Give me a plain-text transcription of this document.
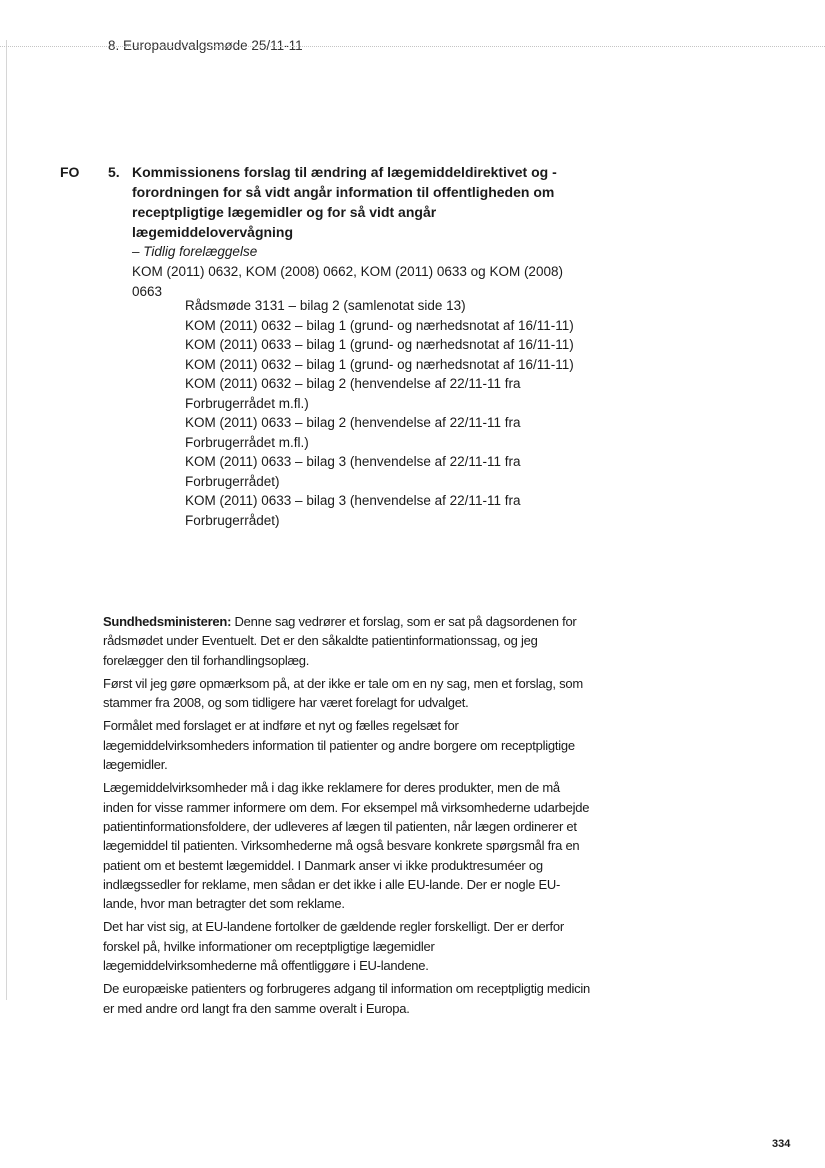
8. Europaudvalgsmøde 25/11-11
FO 5. Kommissionens forslag til ændring af lægemiddeldirektivet og - forordningen for så vidt angår information til offentligheden om receptpligtige lægemidler og for så vidt angår lægemiddelovervågning

– Tidlig forelæggelse

KOM (2011) 0632, KOM (2008) 0662, KOM (2011) 0633 og KOM (2008) 0663

Rådsmøde 3131 – bilag 2 (samlenotat side 13)
KOM (2011) 0632 – bilag 1 (grund- og nærhedsnotat af 16/11-11)
KOM (2011) 0633 – bilag 1 (grund- og nærhedsnotat af 16/11-11)
KOM (2011) 0632 – bilag 1 (grund- og nærhedsnotat af 16/11-11)
KOM (2011) 0632 – bilag 2 (henvendelse af 22/11-11 fra Forbrugerrådet m.fl.)
KOM (2011) 0633 – bilag 2 (henvendelse af 22/11-11 fra Forbrugerrådet m.fl.)
KOM (2011) 0633 – bilag 3 (henvendelse af 22/11-11 fra Forbrugerrådet)
KOM (2011) 0633 – bilag 3 (henvendelse af 22/11-11 fra Forbrugerrådet)

Sundhedsministeren: Denne sag vedrører et forslag, som er sat på dagsordenen for rådsmødet under Eventuelt. Det er den såkaldte patientinformationssag, og jeg forelægger den til forhandlingsoplæg.

Først vil jeg gøre opmærksom på, at der ikke er tale om en ny sag, men et forslag, som stammer fra 2008, og som tidligere har været forelagt for udvalget.

Formålet med forslaget er at indføre et nyt og fælles regelsæt for lægemiddelvirksomheders information til patienter og andre borgere om receptpligtige lægemidler.

Lægemiddelvirksomheder må i dag ikke reklamere for deres produkter, men de må inden for visse rammer informere om dem. For eksempel må virksomhederne udarbejde patientinformationsfoldere, der udleveres af lægen til patienten, når lægen ordinerer et lægemiddel til patienten. Virksomhederne må også besvare konkrete spørgsmål fra en patient om et bestemt lægemiddel. I Danmark anser vi ikke produktresuméer og indlægssedler for reklame, men sådan er det ikke i alle EU-lande. Der er nogle EU-lande, hvor man betragter det som reklame.

Det har vist sig, at EU-landene fortolker de gældende regler forskelligt. Der er derfor forskel på, hvilke informationer om receptpligtige lægemidler lægemiddelvirksomhederne må offentliggøre i EU-landene.

De europæiske patienters og forbrugeres adgang til information om receptpligtig medicin er med andre ord langt fra den samme overalt i Europa.

334
